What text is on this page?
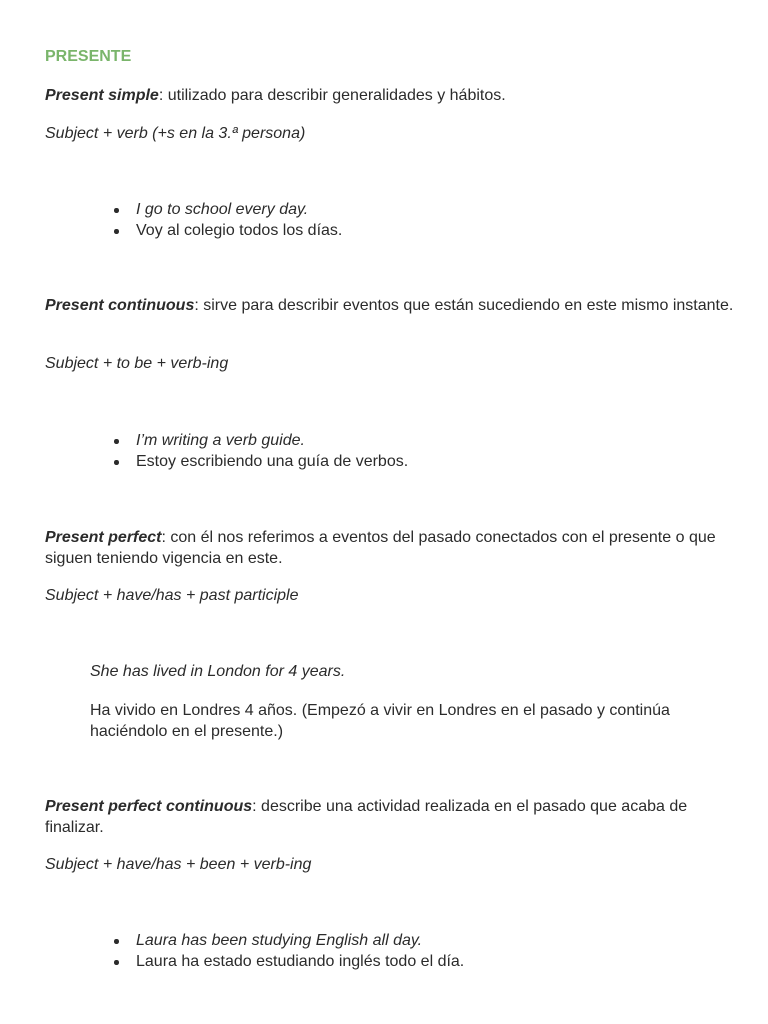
PRESENTE

Present simple: utilizado para describir generalidades y hábitos.

Subject + verb (+s en la 3.ª persona)

I go to school every day.
Voy al colegio todos los días.

Present continuous: sirve para describir eventos que están sucediendo en este mismo instante.

Subject + to be + verb-ing

I’m writing a verb guide.
Estoy escribiendo una guía de verbos.

Present perfect: con él nos referimos a eventos del pasado conectados con el presente o que siguen teniendo vigencia en este.

Subject + have/has + past participle

She has lived in London for 4 years.

Ha vivido en Londres 4 años. (Empezó a vivir en Londres en el pasado y continúa haciéndolo en el presente.)

Present perfect continuous: describe una actividad realizada en el pasado que acaba de finalizar.

Subject + have/has + been + verb-ing

Laura has been studying English all day.
Laura ha estado estudiando inglés todo el día.
